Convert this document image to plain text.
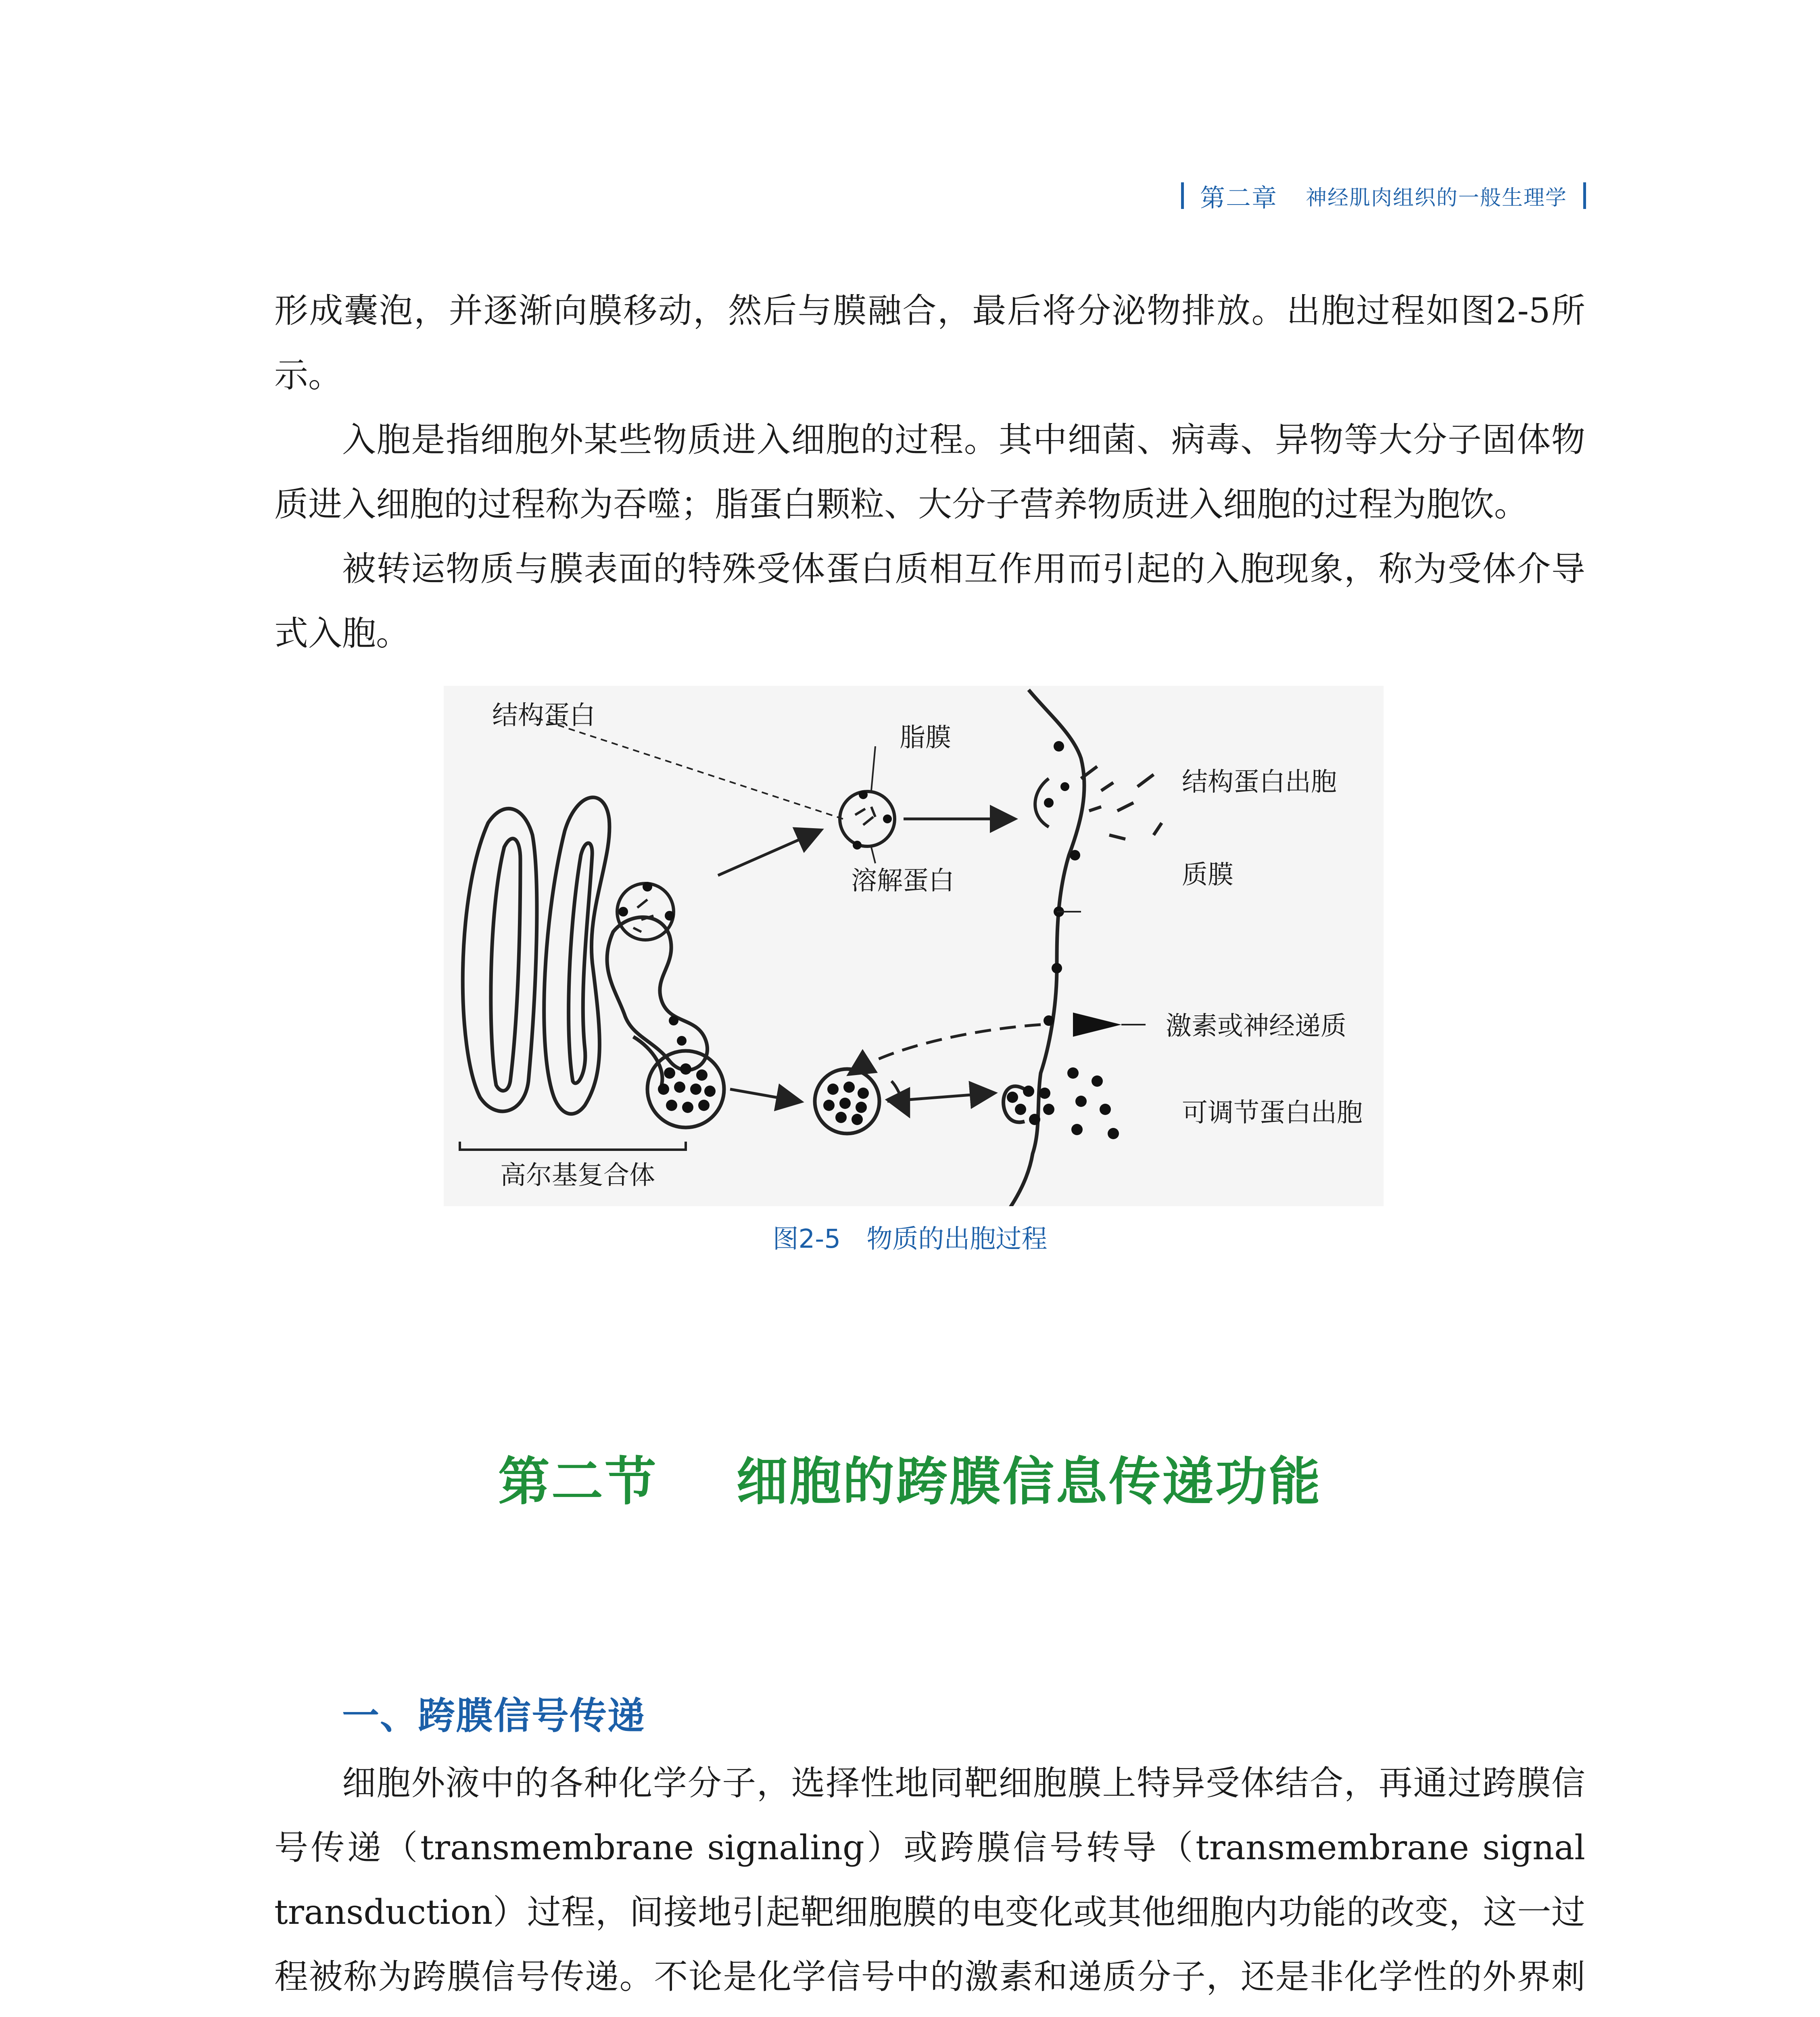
第二章 神经肌肉组织的一般生理学

形成囊泡，并逐渐向膜移动，然后与膜融合，最后将分泌物排放。出胞过程如图2-5所示。

入胞是指细胞外某些物质进入细胞的过程。其中细菌、病毒、异物等大分子固体物质进入细胞的过程称为吞噬；脂蛋白颗粒、大分子营养物质进入细胞的过程为胞饮。

被转运物质与膜表面的特殊受体蛋白质相互作用而引起的入胞现象，称为受体介导式入胞。

结构蛋白
脂膜
溶解蛋白
结构蛋白出胞
质膜
激素或神经递质
可调节蛋白出胞
高尔基复合体
图2-5 物质的出胞过程
第二节 细胞的跨膜信息传递功能
一、跨膜信号传递

细胞外液中的各种化学分子，选择性地同靶细胞膜上特异受体结合，再通过跨膜信号传递（transmembrane signaling）或跨膜信号转导（transmembrane signal transduction）过程，间接地引起靶细胞膜的电变化或其他细胞内功能的改变，这一过程被称为跨膜信号传递。不论是化学信号中的激素和递质分子，还是非化学性的外界刺
